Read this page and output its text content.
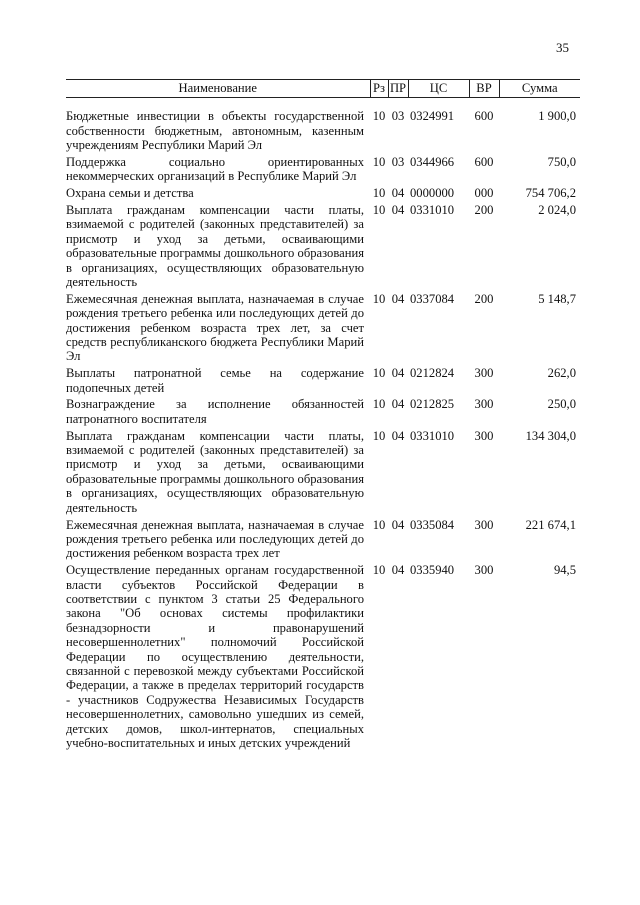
35
Наименование	Рз	ПР	ЦС	ВР	Сумма
Бюджетные инвестиции в объекты государственной собственности бюджетным, автономным, казенным учреждениям Республики Марий Эл	10	03	0324991	600	1 900,0
Поддержка социально ориентированных некоммерческих организаций в Республике Марий Эл	10	03	0344966	600	750,0
Охрана семьи и детства	10	04	0000000	000	754 706,2
Выплата гражданам компенсации части платы, взимаемой с родителей (законных представителей) за присмотр и уход за детьми, осваивающими образовательные программы дошкольного образования в организациях, осуществляющих образовательную деятельность	10	04	0331010	200	2 024,0
Ежемесячная денежная выплата, назначаемая в случае рождения третьего ребенка или последующих детей до достижения ребенком возраста трех лет, за счет средств республиканского бюджета Республики Марий Эл	10	04	0337084	200	5 148,7
Выплаты патронатной семье на содержание подопечных детей	10	04	0212824	300	262,0
Вознаграждение за исполнение обязанностей патронатного воспитателя	10	04	0212825	300	250,0
Выплата гражданам компенсации части платы, взимаемой с родителей (законных представителей) за присмотр и уход за детьми, осваивающими образовательные программы дошкольного образования в организациях, осуществляющих образовательную деятельность	10	04	0331010	300	134 304,0
Ежемесячная денежная выплата, назначаемая в случае рождения третьего ребенка или последующих детей до достижения ребенком возраста трех лет	10	04	0335084	300	221 674,1
Осуществление переданных органам государственной власти субъектов Российской Федерации в соответствии с пунктом 3 статьи 25 Федерального закона "Об основах системы профилактики безнадзорности и правонарушений несовершеннолетних" полномочий Российской Федерации по осуществлению деятельности, связанной с перевозкой между субъектами Российской Федерации, а также в пределах территорий государств - участников Содружества Независимых Государств несовершеннолетних, самовольно ушедших из семей, детских домов, школ-интернатов, специальных учебно-воспитательных и иных детских учреждений	10	04	0335940	300	94,5
